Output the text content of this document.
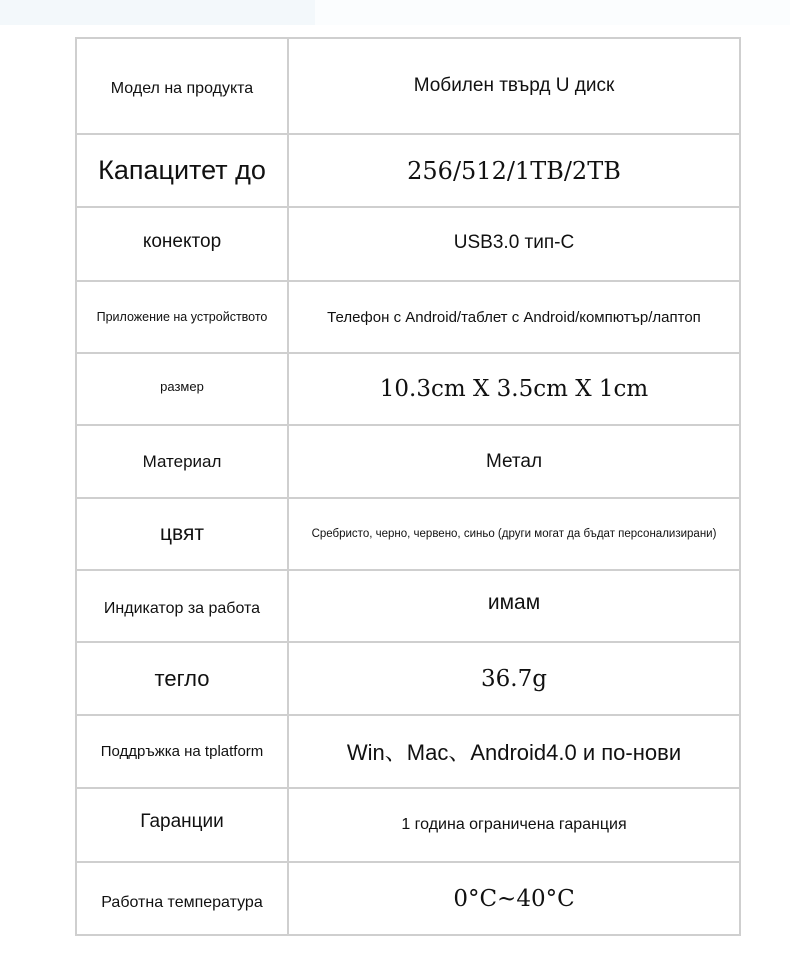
Модел на продукта	Мобилен твърд U диск
Капацитет до	256/512/1TB/2TB
конектор	USB3.0 тип-C
Приложение на устройството	Телефон с Android/таблет с Android/компютър/лаптоп
размер	10.3cm X 3.5cm X 1cm
Материал	Метал
цвят	Сребристо, черно, червено, синьо (други могат да бъдат персонализирани)
Индикатор за работа	имам
тегло	36.7g
Поддръжка на tplatform	Win、Mac、Android4.0 и по-нови
Гаранции	1 година ограничена гаранция
Работна температура	0°C~40°C
